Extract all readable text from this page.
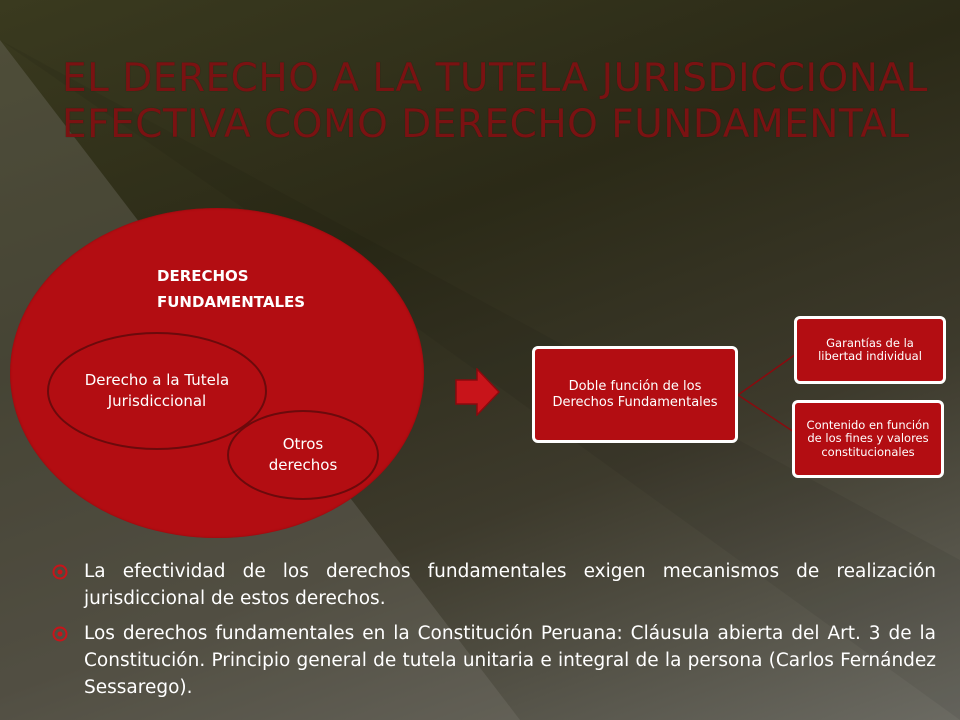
EL DERECHO A LA TUTELA JURISDICCIONAL
EFECTIVA COMO DERECHO FUNDAMENTAL
DERECHOS
FUNDAMENTALES
Derecho a la Tutela Jurisdiccional
Otros derechos
Doble función de los Derechos Fundamentales
Garantías de la libertad individual
Contenido en función de los fines y valores constitucionales
La efectividad de los derechos fundamentales exigen mecanismos de realización jurisdiccional de estos derechos.
Los derechos fundamentales en la Constitución Peruana: Cláusula abierta del Art. 3 de la Constitución. Principio general de tutela unitaria e integral de la persona (Carlos Fernández Sessarego).
